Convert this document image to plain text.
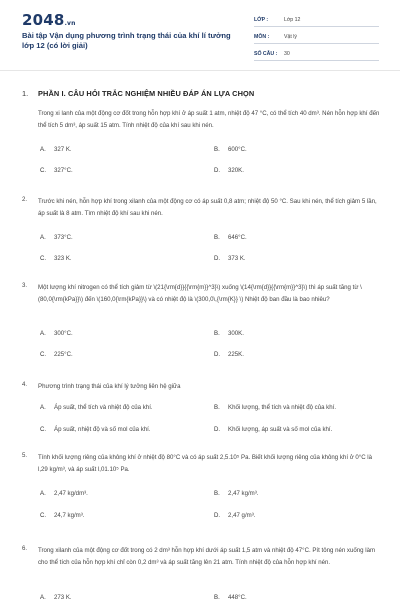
2048.vn
Bài tập Vận dụng phương trình trạng thái của khí lí tưởng lớp 12 (có lời giải)
LỚP :	Lớp 12
MÔN :	Vật lý
SỐ CÂU :	30
1.	PHẦN I. CÂU HỎI TRẮC NGHIỆM NHIỀU ĐÁP ÁN LỰA CHỌN
Trong xi lanh của một động cơ đốt trong hỗn hợp khí ở áp suất 1 atm, nhiệt độ 47 °C, có thể tích 40 dm³. Nén hỗn hợp khí đến thể tích 5 dm³, áp suất 15 atm. Tính nhiệt độ của khí sau khi nén.
A. 327 K.	B. 600°C.
C. 327°C.	D. 320K.
2. Trước khi nén, hỗn hợp khí trong xilanh của một động cơ có áp suất 0,8 atm; nhiệt độ 50 °C. Sau khi nén, thể tích giảm 5 lần, áp suất là 8 atm. Tìm nhiệt độ khí sau khi nén.
A. 373°C.	B. 646°C.
C. 323 K.	D. 373 K.
3. Một lượng khí nitrogen có thể tích giảm từ \(21{\rm{d}}{{\rm{m}}^3}\) xuống \(14{\rm{d}}{{\rm{m}}^3}\) thì áp suất tăng từ \(80,0{\rm{kPa}}\) đến \(160,0{\rm{kPa}}\) và có nhiệt độ là \(300,0\,{\rm{K}} \) Nhiệt độ ban đầu là bao nhiêu?
A. 300°C.	B. 300K.
C. 225°C.	D. 225K.
4. Phương trình trạng thái của khí lý tưởng liên hệ giữa
A. Áp suất, thể tích và nhiệt độ của khí.	B. Khối lượng, thể tích và nhiệt độ của khí.
C. Áp suất, nhiệt độ và số mol của khí.	D. Khối lượng, áp suất và số mol của khí.
5. Tính khối lượng riêng của không khí ở nhiệt độ 80°C và có áp suất 2,5.10⁵ Pa. Biết khối lượng riêng của không khí ở 0°C là l,29 kg/m³, và áp suất l,01.10⁵ Pa.
A. 2,47 kg/dm³.	B. 2,47 kg/m³.
C. 24,7 kg/m³.	D. 2,47 g/m³.
6. Trong xilanh của một động cơ đốt trong có 2 dm³ hỗn hợp khí dưới áp suất 1,5 atm và nhiệt độ 47°C. Pít tông nén xuống làm cho thể tích của hỗn hợp khí chỉ còn 0,2 dm³ và áp suất tăng lên 21 atm. Tính nhiệt độ của hỗn hợp khí nén.
A. 273 K.	B. 448°C.
